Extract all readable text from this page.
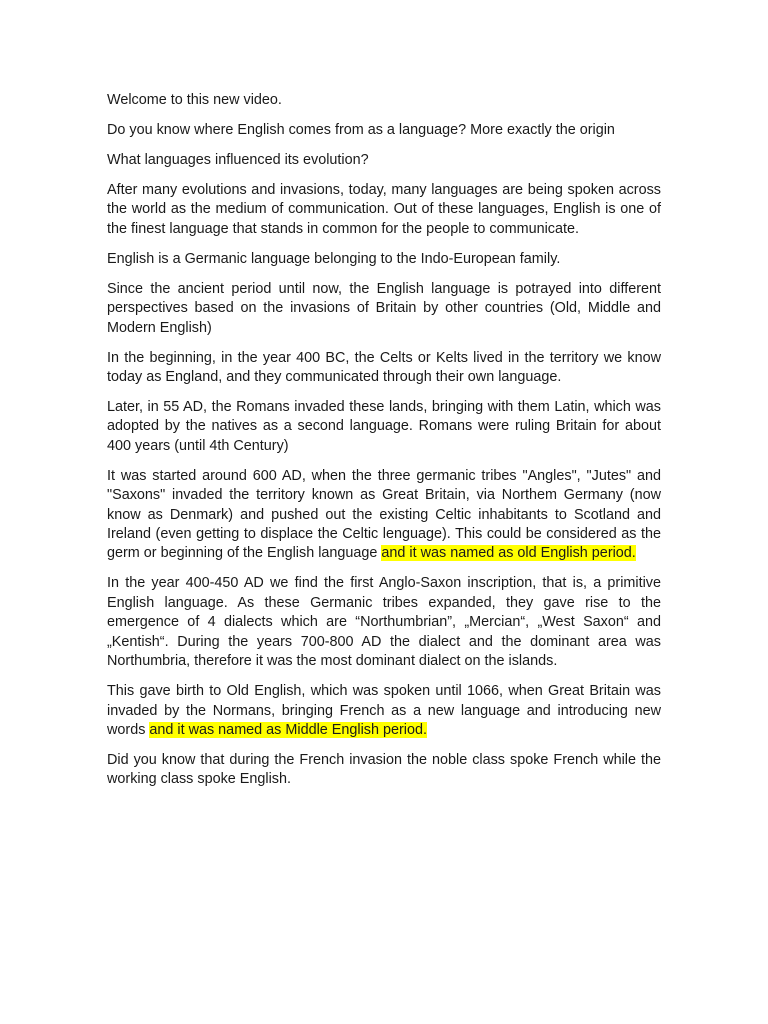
Welcome to this new video.

Do you know where English comes from as a language? More exactly the origin

What languages influenced its evolution?

After many evolutions and invasions, today, many languages are being spoken across the world as the medium of communication. Out of these languages, English is one of the finest language that stands in common for the people to communicate.

English is a Germanic language belonging to the Indo-European family.

Since the ancient period until now, the English language is potrayed into different perspectives based on the invasions of Britain by other countries (Old, Middle and Modern English)

In the beginning, in the year 400 BC, the Celts or Kelts lived in the territory we know today as England, and they communicated through their own language.

Later, in 55 AD, the Romans invaded these lands, bringing with them Latin, which was adopted by the natives as a second language. Romans were ruling Britain for about 400 years (until 4th Century)

It was started around 600 AD, when the three germanic tribes "Angles", "Jutes" and "Saxons" invaded the territory known as Great Britain, via Northem Germany (now know as Denmark) and pushed out the existing Celtic inhabitants to Scotland and Ireland (even getting to displace the Celtic lenguage). This could be considered as the germ or beginning of the English language and it was named as old English period.

In the year 400-450 AD we find the first Anglo-Saxon inscription, that is, a primitive English language. As these Germanic tribes expanded, they gave rise to the emergence of 4 dialects which are “Northumbrian”, „Mercian“, „West Saxon“ and „Kentish“. During the years 700-800 AD the dialect and the dominant area was Northumbria, therefore it was the most dominant dialect on the islands.

This gave birth to Old English, which was spoken until 1066, when Great Britain was invaded by the Normans, bringing French as a new language and introducing new words and it was named as Middle English period.

Did you know that during the French invasion the noble class spoke French while the working class spoke English.
